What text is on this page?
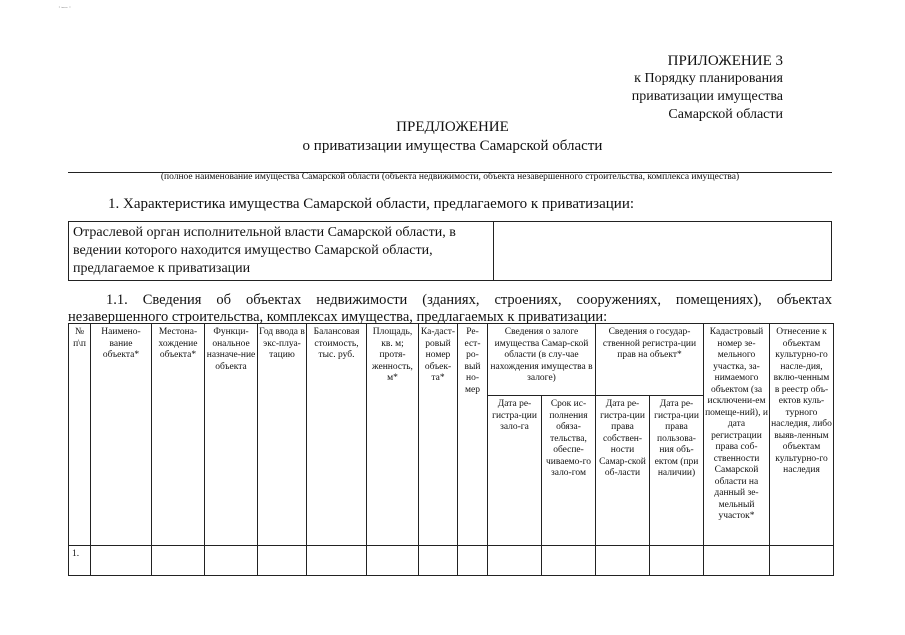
·ー·
ПРИЛОЖЕНИЕ 3
к Порядку планирования
приватизации имущества
Самарской области
ПРЕДЛОЖЕНИЕ
о приватизации имущества Самарской области
(полное наименование имущества Самарской области (объекта недвижимости, объекта незавершенного строительства, комплекса имущества)
1. Характеристика имущества Самарской области, предлагаемого к приватизации:
Отраслевой орган исполнительной власти Самарской области, в ведении которого находится имущество Самарской области, предлагаемое к приватизации	
1.1. Сведения об объектах недвижимости (зданиях, строениях, сооружениях, помещениях), объектах незавершенного строительства, комплексах имущества, предлагаемых к приватизации:
№ п\п	Наимено-вание объекта*	Местона-хождение объекта*	Функци-ональное назначе-ние объекта	Год ввода в экс-плуа-тацию	Балансовая стоимость, тыс. руб.	Площадь, кв. м; протя-женность, м*	Ка-даст-ровый номер объек-та*	Ре-ест-ро-вый но-мер	Сведения о залоге имущества Самар-ской области (в слу-чае нахождения имущества в залоге)		Сведения о государ-ственной регистра-ции прав на объект*		Кадастровый номер зе-мельного участка, за-нимаемого объектом (за исключени-ем помеще-ний), и дата регистрации права соб-ственности Самарской области на данный зе-мельный участок*	Отнесение к объектам культурно-го насле-дия, вклю-ченным в реестр объ-ектов куль-турного наследия, либо выяв-ленным объектам культурно-го наследия
									Дата ре-гистра-ции зало-га	Срок ис-полнения обяза-тельства, обеспе-чиваемо-го зало-гом	Дата ре-гистра-ции права собствен-ности Самар-ской об-ласти	Дата ре-гистра-ции права пользова-ния объ-ектом (при наличии)		
1.														
